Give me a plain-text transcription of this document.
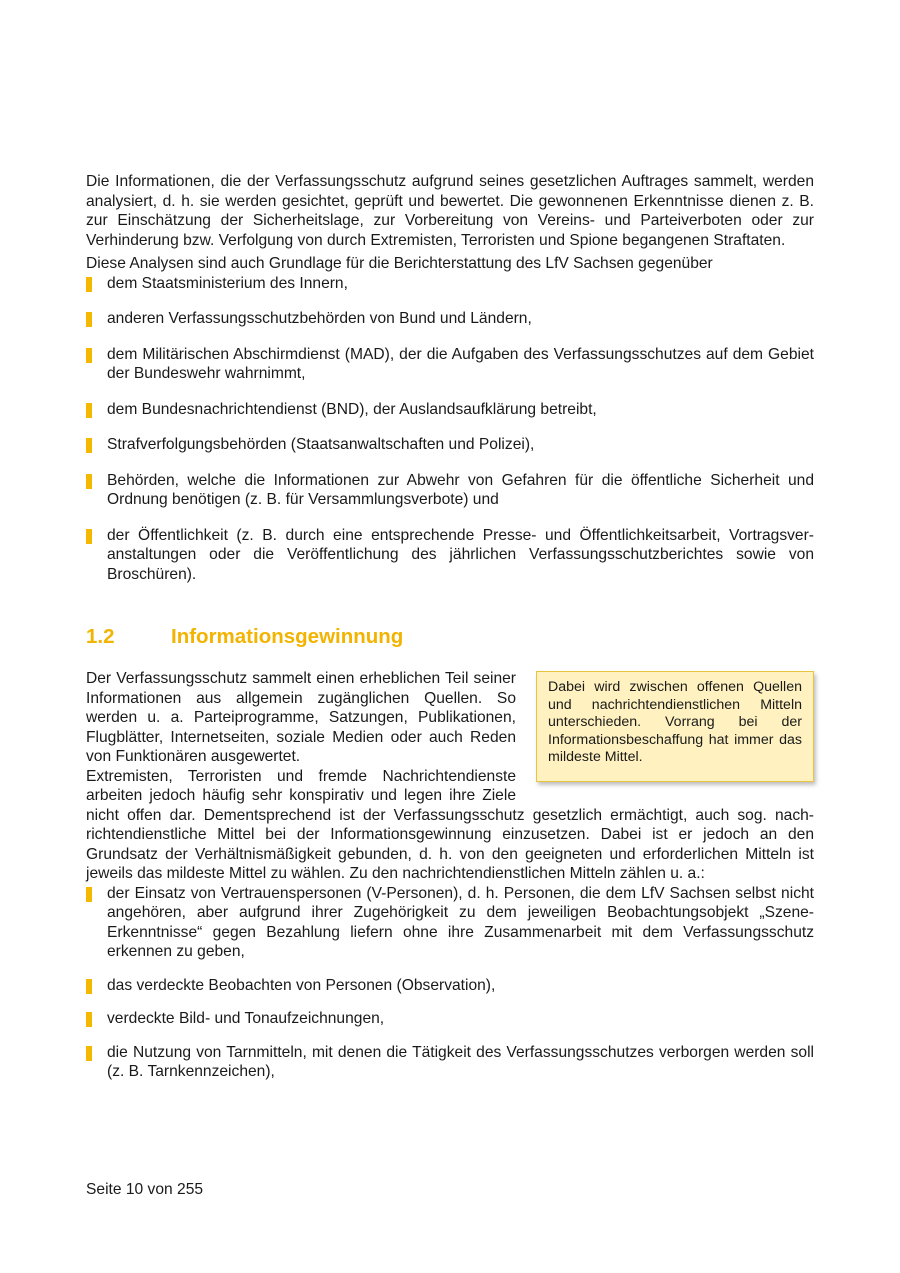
Die Informationen, die der Verfassungsschutz aufgrund seines gesetzlichen Auftrages sammelt, werden analysiert, d. h. sie werden gesichtet, geprüft und bewertet. Die gewonnenen Erkenntnisse dienen z. B. zur Einschätzung der Sicherheitslage, zur Vorbereitung von Vereins- und Parteiverboten oder zur Verhinderung bzw. Verfolgung von durch Extremisten, Terroristen und Spione begangenen Straftaten.

Diese Analysen sind auch Grundlage für die Berichterstattung des LfV Sachsen gegenüber

dem Staatsministerium des Innern,
anderen Verfassungsschutzbehörden von Bund und Ländern,
dem Militärischen Abschirmdienst (MAD), der die Aufgaben des Verfassungsschutzes auf dem Gebiet der Bundeswehr wahrnimmt,
dem Bundesnachrichtendienst (BND), der Auslandsaufklärung betreibt,
Strafverfolgungsbehörden (Staatsanwaltschaften und Polizei),
Behörden, welche die Informationen zur Abwehr von Gefahren für die öffentliche Sicherheit und Ordnung benötigen (z. B. für Versammlungsverbote) und
der Öffentlichkeit (z. B. durch eine entsprechende Presse- und Öffentlichkeitsarbeit, Vortragsveranstaltungen oder die Veröffentlichung des jährlichen Verfassungsschutzberichtes sowie von Broschüren).
1.2	Informationsgewinnung
Dabei wird zwischen offenen Quellen und nachrichtendienstlichen Mitteln unterschieden. Vorrang bei der Informationsbeschaffung hat immer das mildeste Mittel.

Der Verfassungsschutz sammelt einen erheblichen Teil seiner Informationen aus allgemein zugänglichen Quellen. So werden u. a. Parteiprogramme, Satzungen, Publikationen, Flugblätter, Internetseiten, soziale Medien oder auch Reden von Funktionären ausgewertet.

Extremisten, Terroristen und fremde Nachrichtendienste arbeiten jedoch häufig sehr konspirativ und legen ihre Ziele nicht offen dar. Dementsprechend ist der Verfassungsschutz gesetzlich ermächtigt, auch sog. nachrichtendienstliche Mittel bei der Informationsgewinnung einzusetzen. Dabei ist er jedoch an den Grundsatz der Verhältnismäßigkeit gebunden, d. h. von den geeigneten und erforderlichen Mitteln ist jeweils das mildeste Mittel zu wählen. Zu den nachrichtendienstlichen Mitteln zählen u. a.:

der Einsatz von Vertrauenspersonen (V-Personen), d. h. Personen, die dem LfV Sachsen selbst nicht angehören, aber aufgrund ihrer Zugehörigkeit zu dem jeweiligen Beobachtungsobjekt „Szene-Erkenntnisse“ gegen Bezahlung liefern ohne ihre Zusammenarbeit mit dem Verfassungsschutz erkennen zu geben,
das verdeckte Beobachten von Personen (Observation),
verdeckte Bild- und Tonaufzeichnungen,
die Nutzung von Tarnmitteln, mit denen die Tätigkeit des Verfassungsschutzes verborgen werden soll (z. B. Tarnkennzeichen),
Seite 10 von 255
